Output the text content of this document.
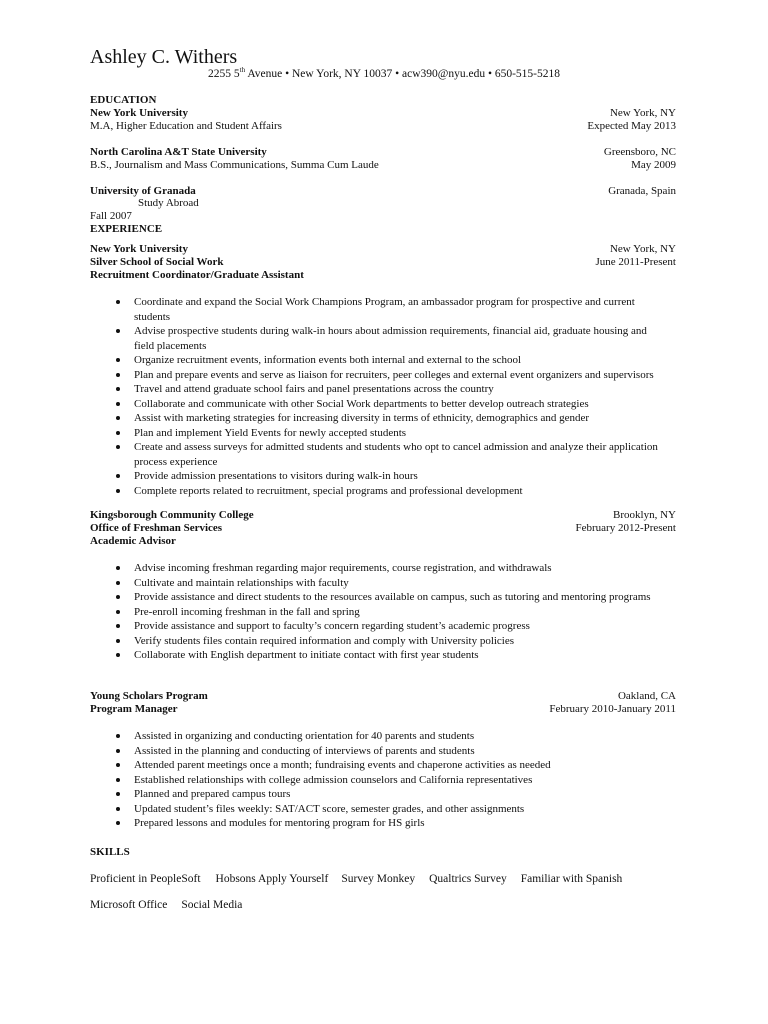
Ashley C. Withers
2255 5th Avenue • New York, NY 10037 • acw390@nyu.edu • 650-515-5218
EDUCATION
New York University	New York, NY
M.A, Higher Education and Student Affairs	Expected May 2013
North Carolina A&T State University	Greensboro, NC
B.S., Journalism and Mass Communications, Summa Cum Laude	May 2009
University of Granada	Granada, Spain
Study Abroad
Fall 2007
EXPERIENCE
New York University	New York, NY
Silver School of Social Work	June 2011-Present
Recruitment Coordinator/Graduate Assistant
Coordinate and expand the Social Work Champions Program, an ambassador program for prospective and current
students
Advise prospective students during walk-in hours about admission requirements, financial aid, graduate housing and
field placements
Organize recruitment events, information events both internal and external to the school
Plan and prepare events and serve as liaison for recruiters, peer colleges and external event organizers and supervisors
Travel and attend graduate school fairs and panel presentations across the country
Collaborate and communicate with other Social Work departments to better develop outreach strategies
Assist with marketing strategies for increasing diversity in terms of ethnicity, demographics and gender
Plan and implement Yield Events for newly accepted students
Create and assess surveys for admitted students and students who opt to cancel admission and analyze their application
process experience
Provide admission presentations to visitors during walk-in hours
Complete reports related to recruitment, special programs and professional development
Kingsborough Community College	Brooklyn, NY
Office of Freshman Services	February 2012-Present
Academic Advisor
Advise incoming freshman regarding major requirements, course registration, and withdrawals
Cultivate and maintain relationships with faculty
Provide assistance and direct students to the resources available on campus, such as tutoring and mentoring programs
Pre-enroll incoming freshman in the fall and spring
Provide assistance and support to faculty’s concern regarding student’s academic progress
Verify students files contain required information and comply with University policies
Collaborate with English department to initiate contact with first year students
Young Scholars Program	Oakland, CA
Program Manager	February 2010-January 2011
Assisted in organizing and conducting orientation for 40 parents and students
Assisted in the planning and conducting of interviews of parents and students
Attended parent meetings once a month; fundraising events and chaperone activities as needed
Established relationships with college admission counselors and California representatives
Planned and prepared campus tours
Updated student’s files weekly: SAT/ACT score, semester grades, and other assignments
Prepared lessons and modules for mentoring program for HS girls
SKILLS
Proficient in PeopleSoft Hobsons Apply Yourself Survey Monkey Qualtrics Survey Familiar with Spanish
Microsoft Office Social Media
